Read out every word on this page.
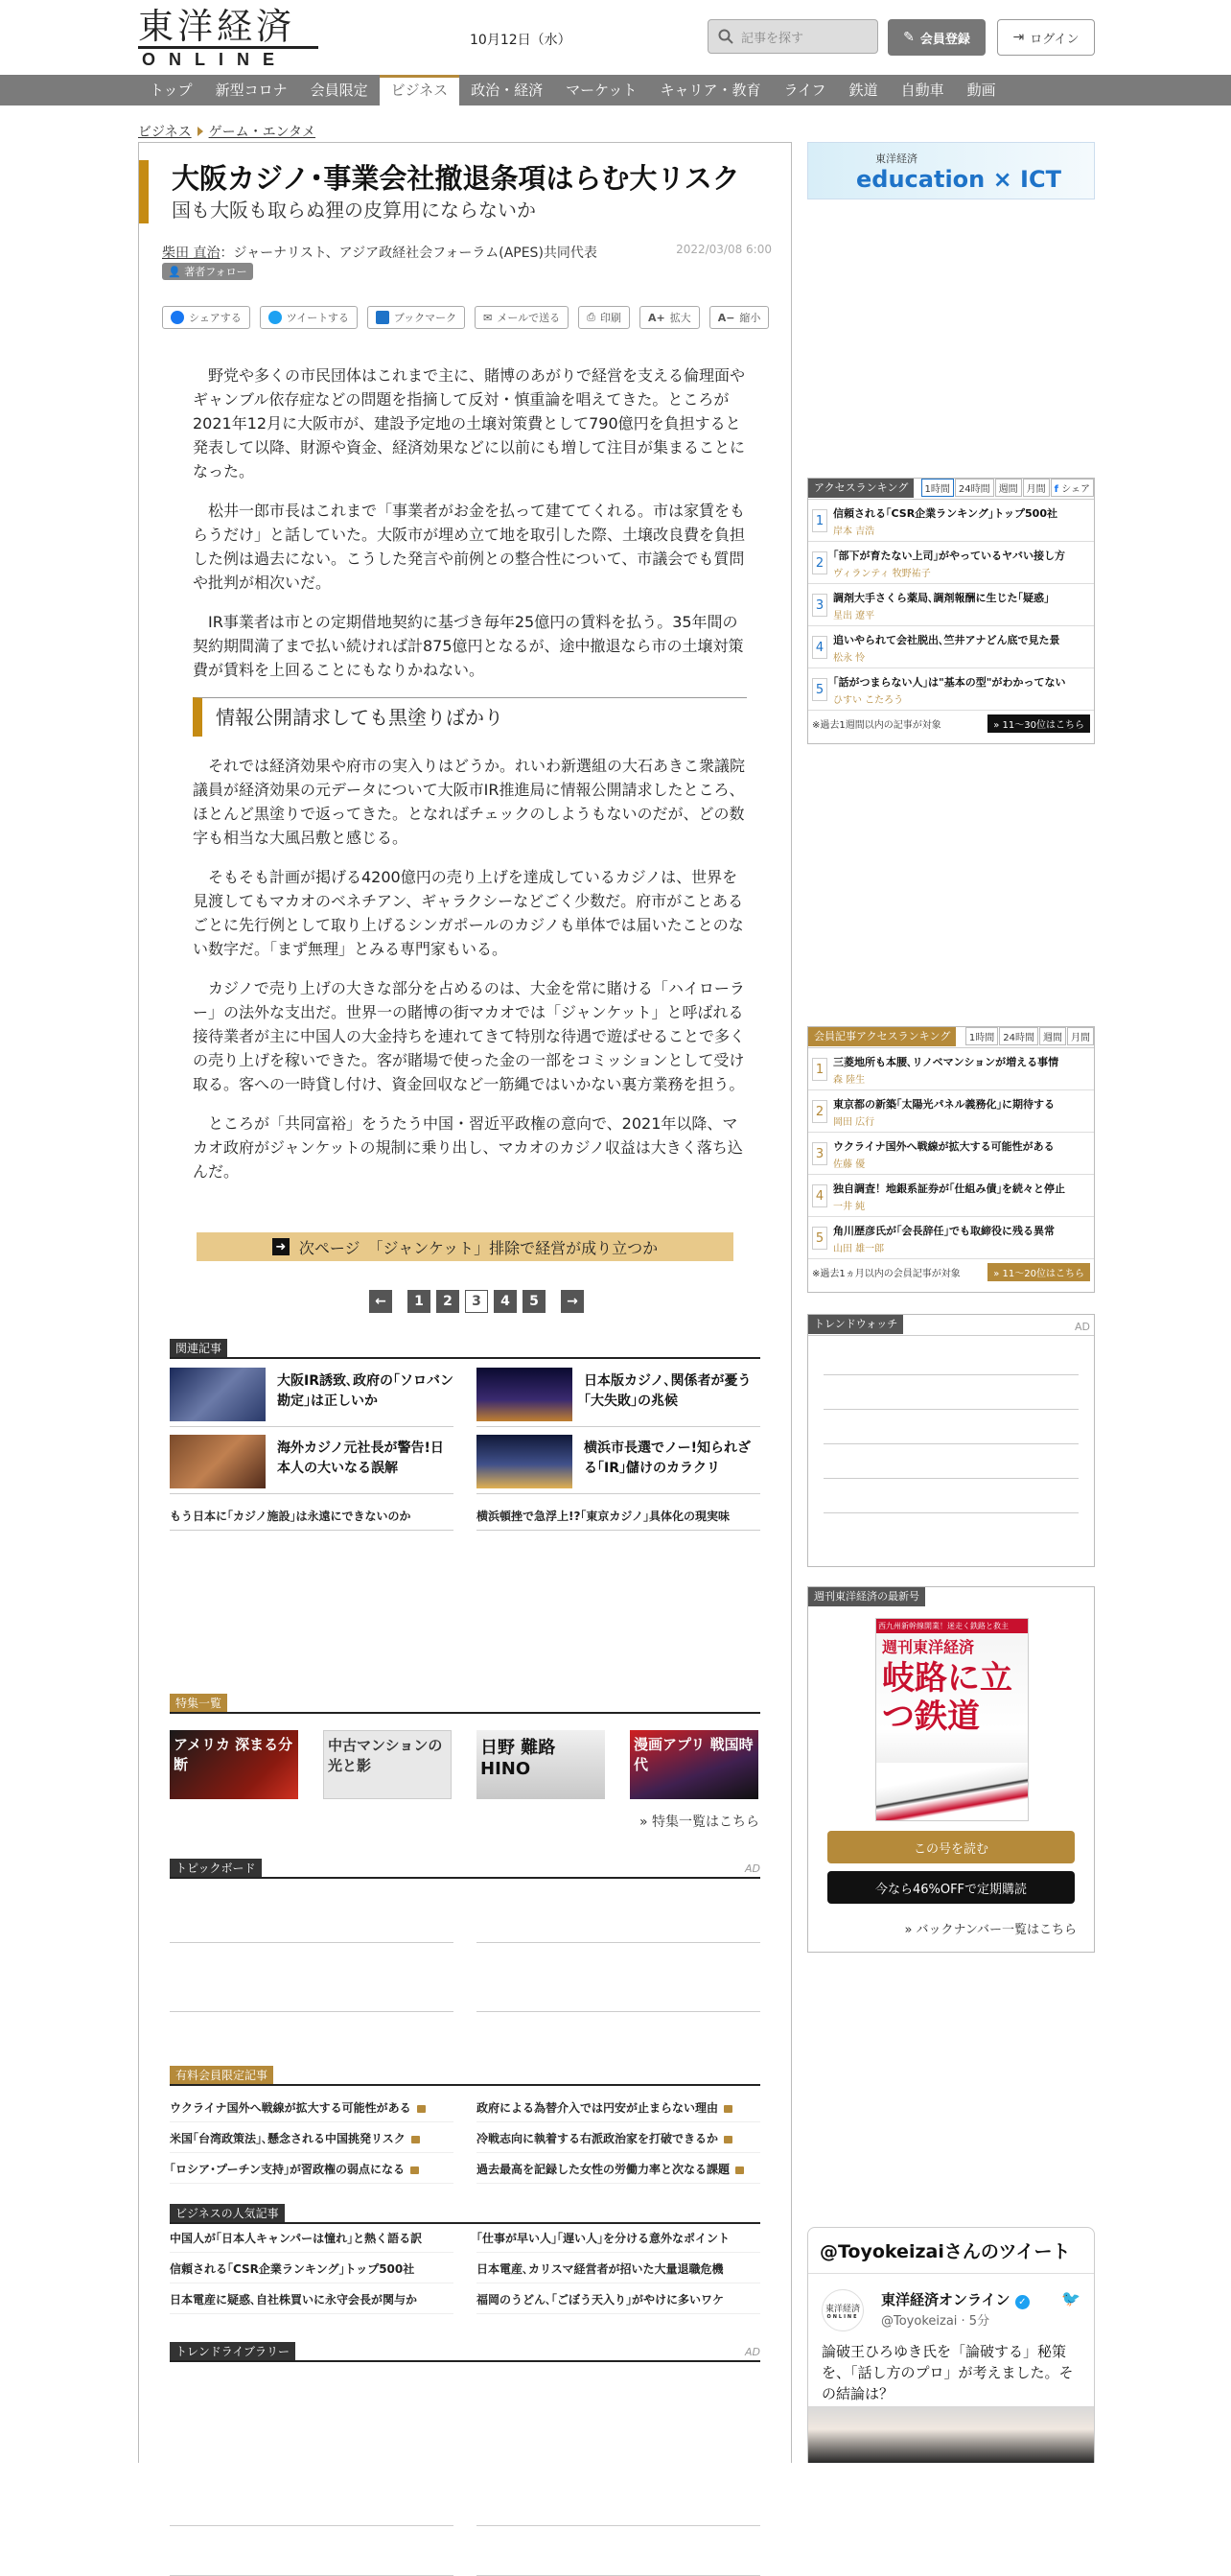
東洋経済
ONLINE
10月12日（水）	記事を探す	✎ 会員登録	⇥ ログイン
トップ	新型コロナ	会員限定	ビジネス	政治・経済	マーケット	キャリア・教育	ライフ	鉄道	自動車	動画
ビジネス ゲーム・エンタメ
大阪カジノ･事業会社撤退条項はらむ大リスク
国も大阪も取らぬ狸の皮算用にならないか
柴田 直治：ジャーナリスト、アジア政経社会フォーラム(APES)共同代表	2022/03/08 6:00
👤 著者フォロー
シェアする	ツイートする	ブックマーク	✉ メールで送る	⎙ 印刷	A+ 拡大	A− 縮小

野党や多くの市民団体はこれまで主に、賭博のあがりで経営を支える倫理面やギャンブル依存症などの問題を指摘して反対・慎重論を唱えてきた。ところが2021年12月に大阪市が、建設予定地の土壌対策費として790億円を負担すると発表して以降、財源や資金、経済効果などに以前にも増して注目が集まることになった。

松井一郎市長はこれまで「事業者がお金を払って建ててくれる。市は家賃をもらうだけ」と話していた。大阪市が埋め立て地を取引した際、土壌改良費を負担した例は過去にない。こうした発言や前例との整合性について、市議会でも質問や批判が相次いだ。

IR事業者は市との定期借地契約に基づき毎年25億円の賃料を払う。35年間の契約期間満了まで払い続ければ計875億円となるが、途中撤退なら市の土壌対策費が賃料を上回ることにもなりかねない。

情報公開請求しても黒塗りばかり

それでは経済効果や府市の実入りはどうか。れいわ新選組の大石あきこ衆議院議員が経済効果の元データについて大阪市IR推進局に情報公開請求したところ、ほとんど黒塗りで返ってきた。となればチェックのしようもないのだが、どの数字も相当な大風呂敷と感じる。

そもそも計画が掲げる4200億円の売り上げを達成しているカジノは、世界を見渡してもマカオのベネチアン、ギャラクシーなどごく少数だ。府市がことあるごとに先行例として取り上げるシンガポールのカジノも単体では届いたことのない数字だ。「まず無理」とみる専門家もいる。

カジノで売り上げの大きな部分を占めるのは、大金を常に賭ける「ハイローラー」の法外な支出だ。世界一の賭博の街マカオでは「ジャンケット」と呼ばれる接待業者が主に中国人の大金持ちを連れてきて特別な待遇で遊ばせることで多くの売り上げを稼いできた。客が賭場で使った金の一部をコミッションとして受け取る。客への一時貸し付け、資金回収など一筋縄ではいかない裏方業務を担う。

ところが「共同富裕」をうたう中国・習近平政権の意向で、2021年以降、マカオ政府がジャンケットの規制に乗り出し、マカオのカジノ収益は大きく落ち込んだ。

➜ 次ページ　「ジャンケット」排除で経営が成り立つか
←	1	2	3	4	5	→
関連記事
大阪IR誘致､政府の｢ソロバン勘定｣は正しいか
日本版カジノ､関係者が憂う｢大失敗｣の兆候
海外カジノ元社長が警告!日本人の大いなる誤解
横浜市長選でノー!知られざる｢IR｣儲けのカラクリ
もう日本に｢カジノ施設｣は永遠にできないのか	横浜頓挫で急浮上!?｢東京カジノ｣具体化の現実味
特集一覧
アメリカ 深まる分断
中古マンションの光と影
日野 難路 HINO
漫画アプリ 戦国時代
» 特集一覧はこちら
トピックボード	AD
有料会員限定記事
ウクライナ国外へ戦線が拡大する可能性がある	政府による為替介入では円安が止まらない理由
米国｢台湾政策法｣､懸念される中国挑発リスク	冷戦志向に執着する右派政治家を打破できるか
｢ロシア･プーチン支持｣が習政権の弱点になる	過去最高を記録した女性の労働力率と次なる課題
ビジネスの人気記事
中国人が｢日本人キャンパーは憧れ｣と熱く語る訳	｢仕事が早い人｣｢遅い人｣を分ける意外なポイント
信頼される｢CSR企業ランキング｣トップ500社	日本電産､カリスマ経営者が招いた大量退職危機
日本電産に疑惑､自社株買いに永守会長が関与か	福岡のうどん､｢ごぼう天入り｣がやけに多いワケ
トレンドライブラリー	AD
東洋経済
education × ICT
アクセスランキング	1時間 24時間 週間 月間 f シェア
1 信頼される｢CSR企業ランキング｣トップ500社
岸本 吉浩
2 ｢部下が育たない上司｣がやっているヤバい接し方
ヴィランティ 牧野祐子
3 調剤大手さくら薬局､調剤報酬に生じた｢疑惑｣
星出 遼平
4 追いやられて会社脱出､竺井アナどん底で見た景
松永 怜
5 ｢話がつまらない人｣は"基本の型"がわかってない
ひすい こたろう
※過去1週間以内の記事が対象	» 11～30位はこちら
会員記事アクセスランキング	1時間 24時間 週間 月間
1 三菱地所も本腰､リノベマンションが増える事情
森 陸生
2 東京都の新築｢太陽光パネル義務化｣に期待する
岡田 広行
3 ウクライナ国外へ戦線が拡大する可能性がある
佐藤 優
4 独自調査！地銀系証券が｢仕組み債｣を続々と停止
一井 純
5 角川歴彦氏が｢会長辞任｣でも取締役に残る異常
山田 雄一郎
※過去1ヵ月以内の会員記事が対象	» 11～20位はこちら
トレンドウォッチ	AD
週刊東洋経済の最新号
西九州新幹線開業！迷走く鉄路と救主
週刊東洋経済
岐路に立つ鉄道
この号を読む
今なら46%OFFで定期購読
» バックナンバー一覧はこちら
@Toyokeizaiさんのツイート
東洋経済
ONLINE
東洋経済オンライン ✓
@Toyokeizai · 5分
🐦
論破王ひろゆき氏を「論破する」秘策を、「話し方のプロ」が考えました。その結論は？
